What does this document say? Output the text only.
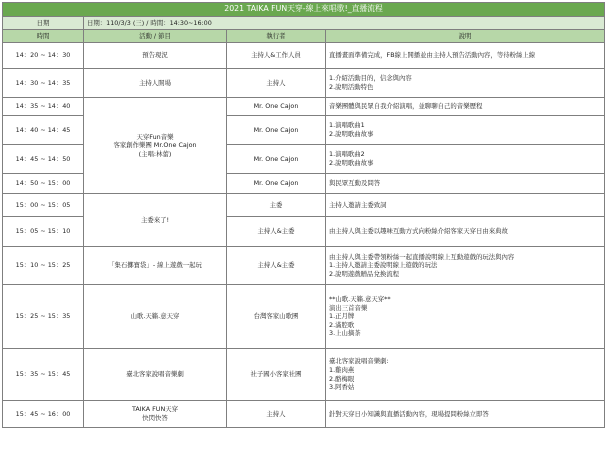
2021 TAIKA FUN天穿-線上來唱歌!_直播流程			
日期	日期：110/3/3 (三) / 時間：14:30~16:00		
時間	活動 / 節目	執行者	說明
14：20 ~ 14：30	預告現況	主持人&工作人員	直播畫面準備完成，FB線上開播並由主持人預告活動內容，等待粉絲上線

14：30 ~ 14：35	主持人開場	主持人	1.介紹活動目的，信念與內容
2.說明活動特色

14：35 ~ 14：40	天穿Fun音樂
客家創作樂團 Mr.One Cajon
(主唱:林蕾)	Mr. One Cajon	音樂團體與民眾自我介紹演唱，並聊聊自己的音樂歷程

14：40 ~ 14：45		Mr. One Cajon	1.演唱歌曲1
2.說明歌曲故事

14：45 ~ 14：50		Mr. One Cajon	1.演唱歌曲2
2.說明歌曲故事

14：50 ~ 15：00		Mr. One Cajon	與民眾互動及問答

15：00 ~ 15：05	主委來了!	主委	主持人邀請主委致詞

15：05 ~ 15：10		主持人&主委	由主持人與主委以趣味互動方式向粉絲介紹客家天穿日由來典故

15：10 ~ 15：25	「集石擲寶袋」- 線上遊戲一起玩	主持人&主委	由主持人與主委帶領粉絲一起直播說明線上互動遊戲的玩法與內容
1.主持人邀請主委說明線上遊戲的玩法
2.說明遊戲贈品兌換流程

15：25 ~ 15：35	山歌.天籟.意天穿	台灣客家山歌團	**山歌.天籟.意天穿**
演出三首音樂
1.正月牌
2.滿腔歌
3.上山摘茶

15：35 ~ 15：45	臺北客家說唱音樂劇	社子國小客家社團	臺北客家說唱音樂劇:
1.雞肉燕
2.酪梅眼
3.阿香姑

15：45 ~ 16：00	TAIKA FUN天穿
快閃快答	主持人	針對天穿日小知識與直播活動內容，現場提問粉絲立即答
